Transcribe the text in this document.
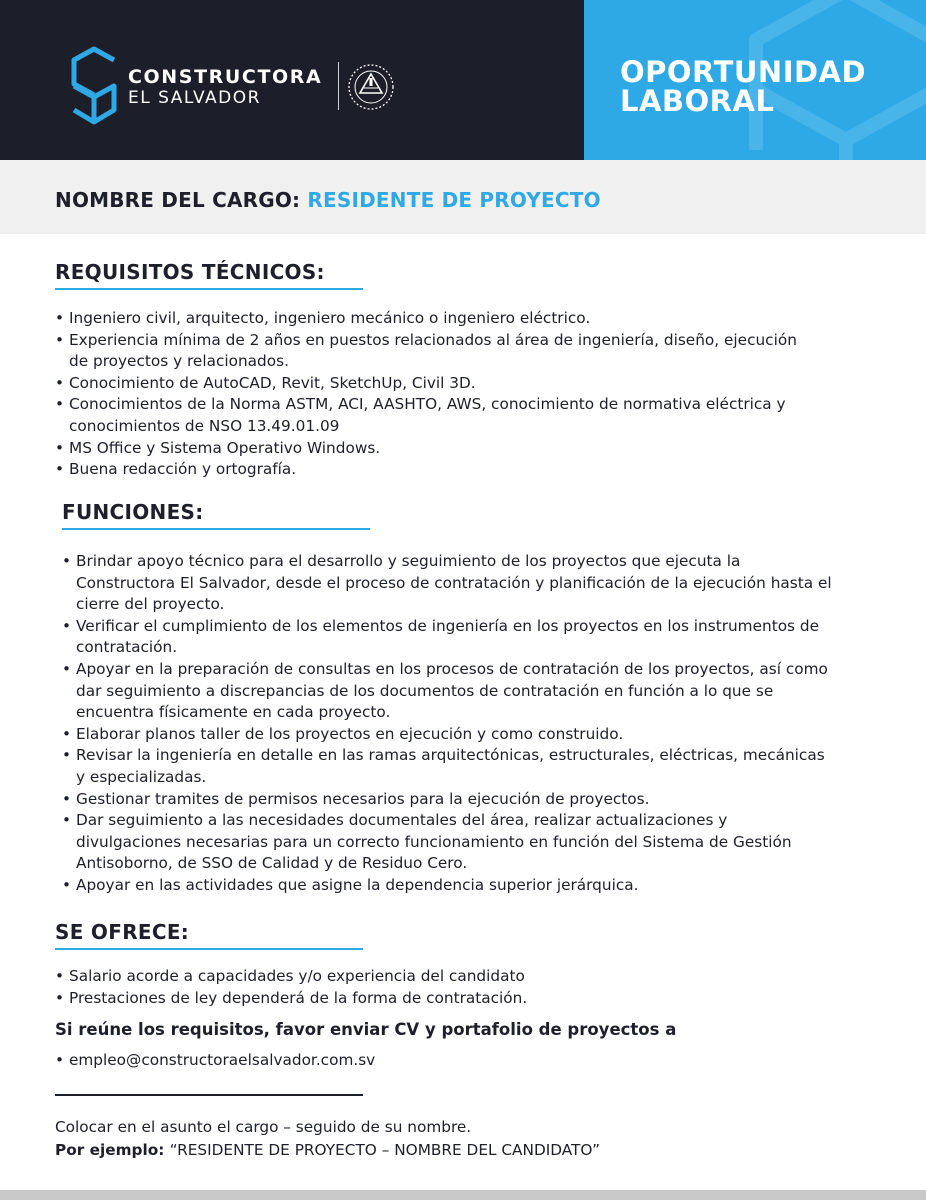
CONSTRUCTORA
EL SALVADOR
OPORTUNIDAD
LABORAL
NOMBRE DEL CARGO: RESIDENTE DE PROYECTO
REQUISITOS TÉCNICOS:
• Ingeniero civil, arquitecto, ingeniero mecánico o ingeniero eléctrico.
• Experiencia mínima de 2 años en puestos relacionados al área de ingeniería, diseño, ejecución de proyectos y relacionados.
• Conocimiento de AutoCAD, Revit, SketchUp, Civil 3D.
• Conocimientos de la Norma ASTM, ACI, AASHTO, AWS, conocimiento de normativa eléctrica y conocimientos de NSO 13.49.01.09
• MS Office y Sistema Operativo Windows.
• Buena redacción y ortografía.
FUNCIONES:
• Brindar apoyo técnico para el desarrollo y seguimiento de los proyectos que ejecuta la Constructora El Salvador, desde el proceso de contratación y planificación de la ejecución hasta el cierre del proyecto.
• Verificar el cumplimiento de los elementos de ingeniería en los proyectos en los instrumentos de contratación.
• Apoyar en la preparación de consultas en los procesos de contratación de los proyectos, así como dar seguimiento a discrepancias de los documentos de contratación en función a lo que se encuentra físicamente en cada proyecto.
• Elaborar planos taller de los proyectos en ejecución y como construido.
• Revisar la ingeniería en detalle en las ramas arquitectónicas, estructurales, eléctricas, mecánicas y especializadas.
• Gestionar tramites de permisos necesarios para la ejecución de proyectos.
• Dar seguimiento a las necesidades documentales del área, realizar actualizaciones y divulgaciones necesarias para un correcto funcionamiento en función del Sistema de Gestión Antisoborno, de SSO de Calidad y de Residuo Cero.
• Apoyar en las actividades que asigne la dependencia superior jerárquica.
SE OFRECE:
• Salario acorde a capacidades y/o experiencia del candidato
• Prestaciones de ley dependerá de la forma de contratación.
Si reúne los requisitos, favor enviar CV y portafolio de proyectos a
• empleo@constructoraelsalvador.com.sv
Colocar en el asunto el cargo – seguido de su nombre.
Por ejemplo: “RESIDENTE DE PROYECTO – NOMBRE DEL CANDIDATO”
